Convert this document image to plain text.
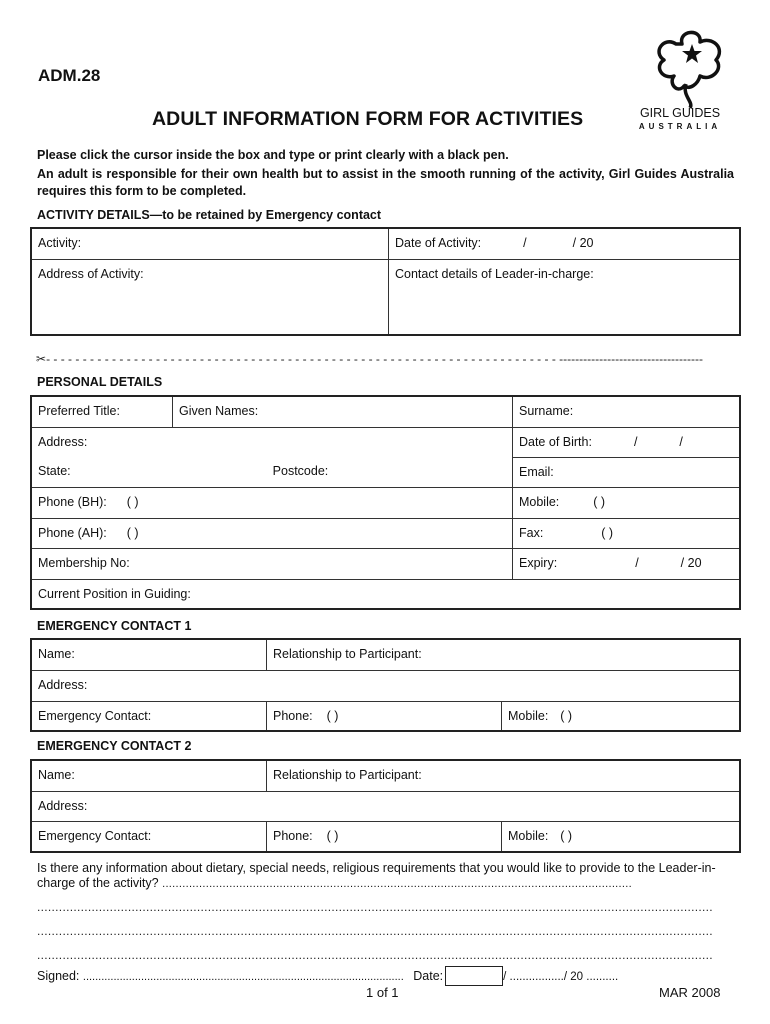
ADM.28
ADULT INFORMATION FORM FOR ACTIVITIES	GIRL GUIDES
AUSTRALIA
Please click the cursor inside the box and type or print clearly with a black pen.
An adult is responsible for their own health but to assist in the smooth running of the activity, Girl Guides Australia requires this form to be completed.
ACTIVITY DETAILS—to be retained by Emergency contact
Activity:	Date of Activity: / / 20
Address of Activity:	Contact details of Leader-in-charge:
✂- - - - - - - - - - - - - - - - - - - - - - - - - - - - - - - - - - - - - - - - - - - - - - - - - - - - - - - - - - - - - - - - - - - - - - ------------------------------------
PERSONAL DETAILS
Preferred Title:	Given Names:	Surname:
Address:		Date of Birth: / /
State: Postcode:		Email:
Phone (BH): ( )		Mobile: ( )
Phone (AH): ( )		Fax: ( )
Membership No:		Expiry: / / 20
Current Position in Guiding:		
EMERGENCY CONTACT 1
Name:	Relationship to Participant:	
Address:		
Emergency Contact:	Phone: ( )	Mobile: ( )
EMERGENCY CONTACT 2
Name:	Relationship to Participant:	
Address:		
Emergency Contact:	Phone: ( )	Mobile: ( )
Is there any information about dietary, special needs, religious requirements that you would like to provide to the Leader-in-charge of the activity? ............................................................................................................................................
..........................................................................................................................................................................................
..........................................................................................................................................................................................
..........................................................................................................................................................................................
Signed: ......................................................................................................... Date:	/ ................./ 20 ..........
1 of 1	MAR 2008
